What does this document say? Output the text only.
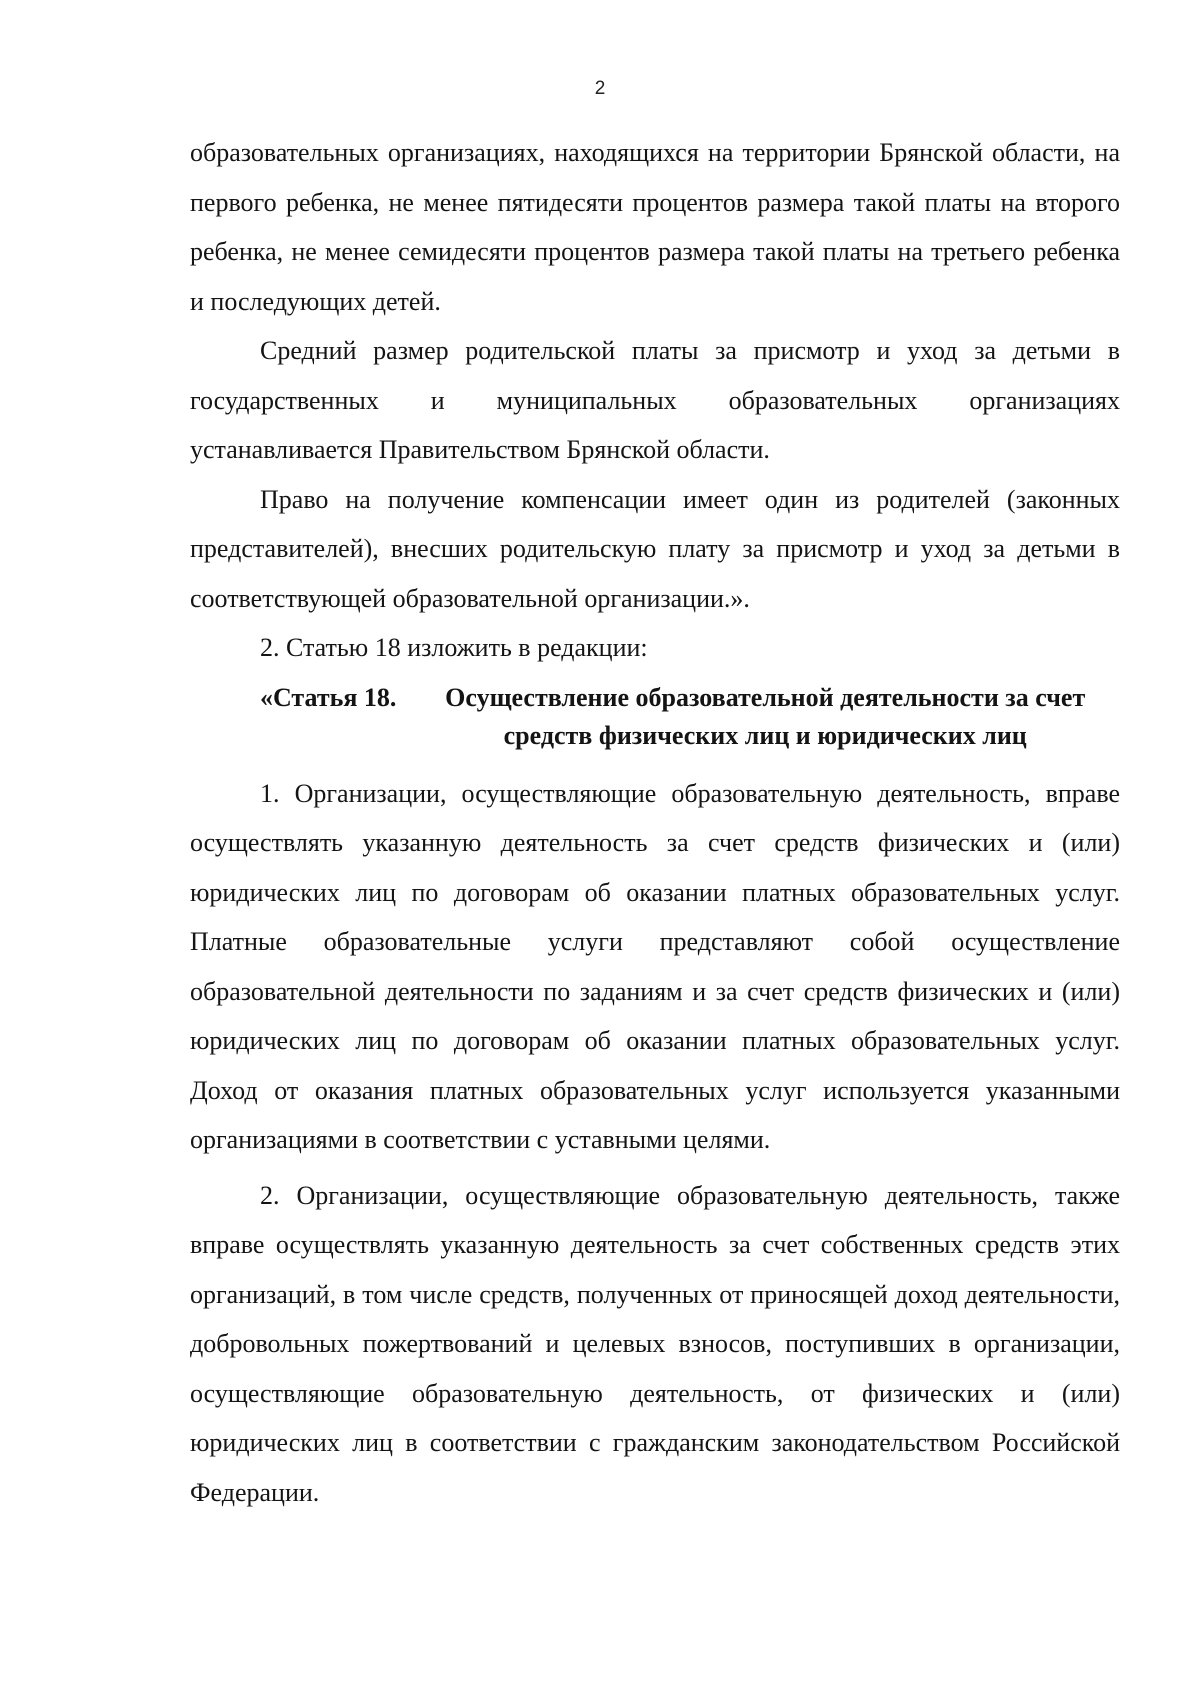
2

образовательных организациях, находящихся на территории Брянской области, на первого ребенка, не менее пятидесяти процентов размера такой платы на второго ребенка, не менее семидесяти процентов размера такой платы на третьего ребенка и последующих детей.

Средний размер родительской платы за присмотр и уход за детьми в государственных и муниципальных образовательных организациях устанавливается Правительством Брянской области.

Право на получение компенсации имеет один из родителей (законных представителей), внесших родительскую плату за присмотр и уход за детьми в соответствующей образовательной организации.».

2. Статью 18 изложить в редакции:

«Статья 18.	Осуществление образовательной деятельности за счет средств физических лиц и юридических лиц

1. Организации, осуществляющие образовательную деятельность, вправе осуществлять указанную деятельность за счет средств физических и (или) юридических лиц по договорам об оказании платных образовательных услуг. Платные образовательные услуги представляют собой осуществление образовательной деятельности по заданиям и за счет средств физических и (или) юридических лиц по договорам об оказании платных образовательных услуг. Доход от оказания платных образовательных услуг используется указанными организациями в соответствии с уставными целями.

2. Организации, осуществляющие образовательную деятельность, также вправе осуществлять указанную деятельность за счет собственных средств этих организаций, в том числе средств, полученных от приносящей доход деятельности, добровольных пожертвований и целевых взносов, поступивших в организации, осуществляющие образовательную деятельность, от физических и (или) юридических лиц в соответствии с гражданским законодательством Российской Федерации.
